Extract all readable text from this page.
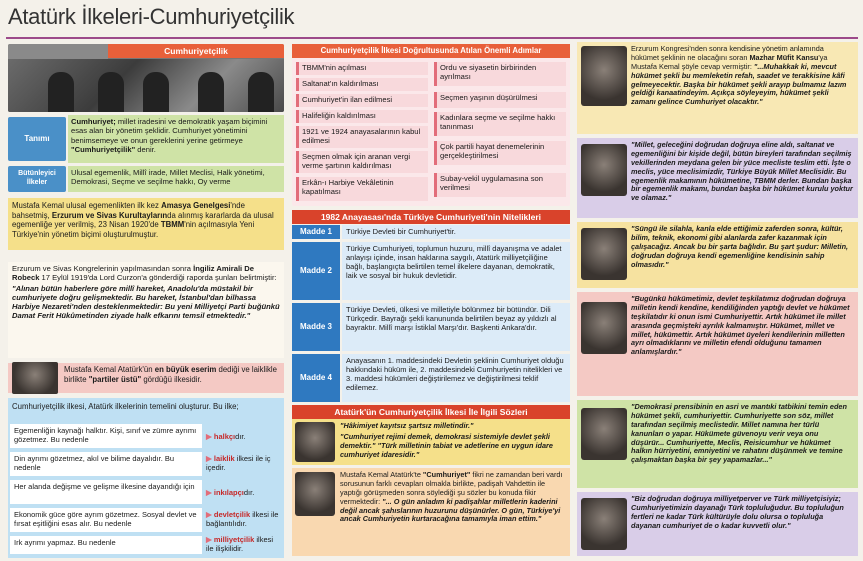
Atatürk İlkeleri-Cumhuriyetçilik
Cumhuriyetçilik
Tanımı
Cumhuriyet; millet iradesini ve demokratik yaşam biçimini esas alan bir yönetim şeklidir. Cumhuriyet yönetimini benimsemeye ve onun gereklerini yerine getirmeye "Cumhuriyetçilik" denir.
Bütünleyici İlkeler
Ulusal egemenlik, Millî irade, Millet Meclisi, Halk yönetimi, Demokrasi, Seçme ve seçilme hakkı, Oy verme
Mustafa Kemal ulusal egemenlikten ilk kez Amasya Genelgesi'nde bahsetmiş, Erzurum ve Sivas Kurultaylarında alınmış kararlarda da ulusal egemenliğe yer verilmiş, 23 Nisan 1920'de TBMM'nin açılmasıyla Yeni Türkiye'nin yönetim biçimi oluşturulmuştur.
Erzurum ve Sivas Kongrelerinin yapılmasından sonra İngiliz Amirali De Robeck 17 Eylül 1919'da Lord Curzon'a gönderdiği raporda şunları belirtmiştir:
"Alınan bütün haberlere göre millî hareket, Anadolu'da müstakil bir cumhuriyete doğru gelişmektedir. Bu hareket, İstanbul'dan bilhassa Harbiye Nezareti'nden desteklenmektedir: Bu yeni Milliyetçi Parti buğünkü Damat Ferit Hükûmetinden ziyade halk efkarını temsil etmektedir."
Mustafa Kemal Atatürk'ün en büyük eserim dediği ve laiklikle birlikte "partiler üstü" gördüğü ilkesidir.
Cumhuriyetçilik ilkesi, Atatürk ilkelerinin temelini oluşturur. Bu ilke;
Egemenliğin kaynağı halktır. Kişi, sınıf ve zümre ayrımı gözetmez. Bu nedenle	▶ halkçıdır.
Din ayrımı gözetmez, akıl ve bilime dayalıdır. Bu nedenle
▶ laiklik ilkesi ile iç içedir.
Her alanda değişme ve gelişme ilkesine dayandığı için
▶ inkılapçıdır.
Ekonomik güce göre ayrım gözetmez. Sosyal devlet ve fırsat eşitliğini esas alır. Bu nedenle
▶ devletçilik ilkesi ile bağlantılıdır.
Irk ayrımı yapmaz. Bu nedenle	▶ milliyetçilik ilkesi ile ilişkilidir.
Cumhuriyetçilik İlkesi Doğrultusunda Atılan Önemli Adımlar
TBMM'nin açılması
Saltanat'ın kaldırılması
Cumhuriyet'in ilan edilmesi
Halifeliğin kaldırılması
1921 ve 1924 anayasalarının kabul edilmesi
Seçmen olmak için aranan vergi verme şartının kaldırılması
Erkân-ı Harbiye Vekâletinin kapatılması
Ordu ve siyasetin birbirinden ayrılması
Seçmen yaşının düşürülmesi
Kadınlara seçme ve seçilme hakkı tanınması
Çok partili hayat denemelerinin gerçekleştirilmesi
Subay-vekil uygulamasına son verilmesi
1982 Anayasası'nda Türkiye Cumhuriyeti'nin Nitelikleri
Madde 1	Türkiye Devleti bir Cumhuriyet'tir.
Madde 2
Türkiye Cumhuriyeti, toplumun huzuru, millî dayanışma ve adalet anlayışı içinde, insan haklarına saygılı, Atatürk milliyetçiliğine bağlı, başlangıçta belirtilen temel ilkelere dayanan, demokratik, laik ve sosyal bir hukuk devletidir.
Madde 3
Türkiye Devleti, ülkesi ve milletiyle bölünmez bir bütündür. Dili Türkçedir. Bayrağı şekli kanununda belirtilen beyaz ay yıldızlı al bayraktır. Millî marşı İstiklal Marşı'dır. Başkenti Ankara'dır.
Madde 4
Anayasanın 1. maddesindeki Devletin şeklinin Cumhuriyet olduğu hakkındaki hüküm ile, 2. maddesindeki Cumhuriyetin nitelikleri ve 3. maddesi hükümleri değiştirilemez ve değiştirilmesi teklif edilemez.
Atatürk'ün Cumhuriyetçilik İlkesi İle İlgili Sözleri
"Hâkimiyet kayıtsız şartsız milletindir."
"Cumhuriyet rejimi demek, demokrasi sistemiyle devlet şekli demektir." "Türk milletinin tabiat ve adetlerine en uygun idare cumhuriyet idaresidir."
Mustafa Kemal Atatürk'te "Cumhuriyet" fikri ne zamandan beri vardı sorusunun farklı cevapları olmakla birlikte, padişah Vahdettin ile yaptığı görüşmeden sonra söylediği şu sözler bu konuda fikir vermektedir: "... O gün anladım ki padişahlar milletlerin kaderini değil ancak şahıslarının huzurunu düşünürler. O gün, Türkiye'yi ancak Cumhuriyetin kurtaracağına tamamıyla iman ettim."
Erzurum Kongresi'nden sonra kendisine yönetim anlamında hükümet şeklinin ne olacağını soran Mazhar Müfit Kansu'ya Mustafa Kemal şöyle cevap vermiştir: "...Muhakkak ki, mevcut hükümet şekli bu memleketin refah, saadet ve terakkisine kâfi gelmeyecektir. Başka bir hükümet şekli arayıp bulmamız lazım geldiği kanaatindeyim. Açıkça söyleyeyim, hükümet şekli zamanı gelince Cumhuriyet olacaktır."
"Millet, geleceğini doğrudan doğruya eline aldı, saltanat ve egemenliğini bir kişide değil, bütün bireyleri tarafından seçilmiş vekillerinden meydana gelen bir yüce mecliste teslim etti. İşte o meclis, yüce meclisimizdir, Türkiye Büyük Millet Meclisidir. Bu egemenlik makamının hükümetine, TBMM derler. Bundan başka bir egemenlik makamı, bundan başka bir hükümet kurulu yoktur ve olamaz."
"Süngü ile silahla, kanla elde ettiğimiz zaferden sonra, kültür, bilim, teknik, ekonomi gibi alanlarda zafer kazanmak için çalışacağız. Ancak bu bir şarta bağlıdır. Bu şart şudur: Milletin, doğrudan doğruya kendi egemenliğine kendisinin sahip olmasıdır."
"Bugünkü hükümetimiz, devlet teşkilatımız doğrudan doğruya milletin kendi kendine, kendiliğinden yaptığı devlet ve hükümet teşkilatıdır ki onun ismi Cumhuriyettir. Artık hükümet ile millet arasında geçmişteki ayrılık kalmamıştır. Hükümet, millet ve millet, hükümettir. Artık hükümet üyeleri kendilerinin milletten ayrı olmadıklarını ve milletin efendi olduğunu tamamen anlamışlardır."
"Demokrasi prensibinin en asri ve mantıki tatbikini temin eden hükümet şekli, cumhuriyettir. Cumhuriyette son söz, millet tarafından seçilmiş meclistedir. Millet namına her türlü kanunları o yapar. Hükümete güvenoyu verir veya onu düşürür... Cumhuriyette, Meclis, Reisicumhur ve hükümet halkın hürriyetini, emniyetini ve rahatını düşünmek ve temine çalışmaktan başka bir şey yapamazlar..."
"Biz doğrudan doğruya milliyetperver ve Türk milliyetçisiyiz; Cumhuriyetimizin dayanağı Türk topluluğudur. Bu topluluğun fertleri ne kadar Türk kültürüyle dolu olursa o topluluğa dayanan cumhuriyet de o kadar kuvvetli olur."
